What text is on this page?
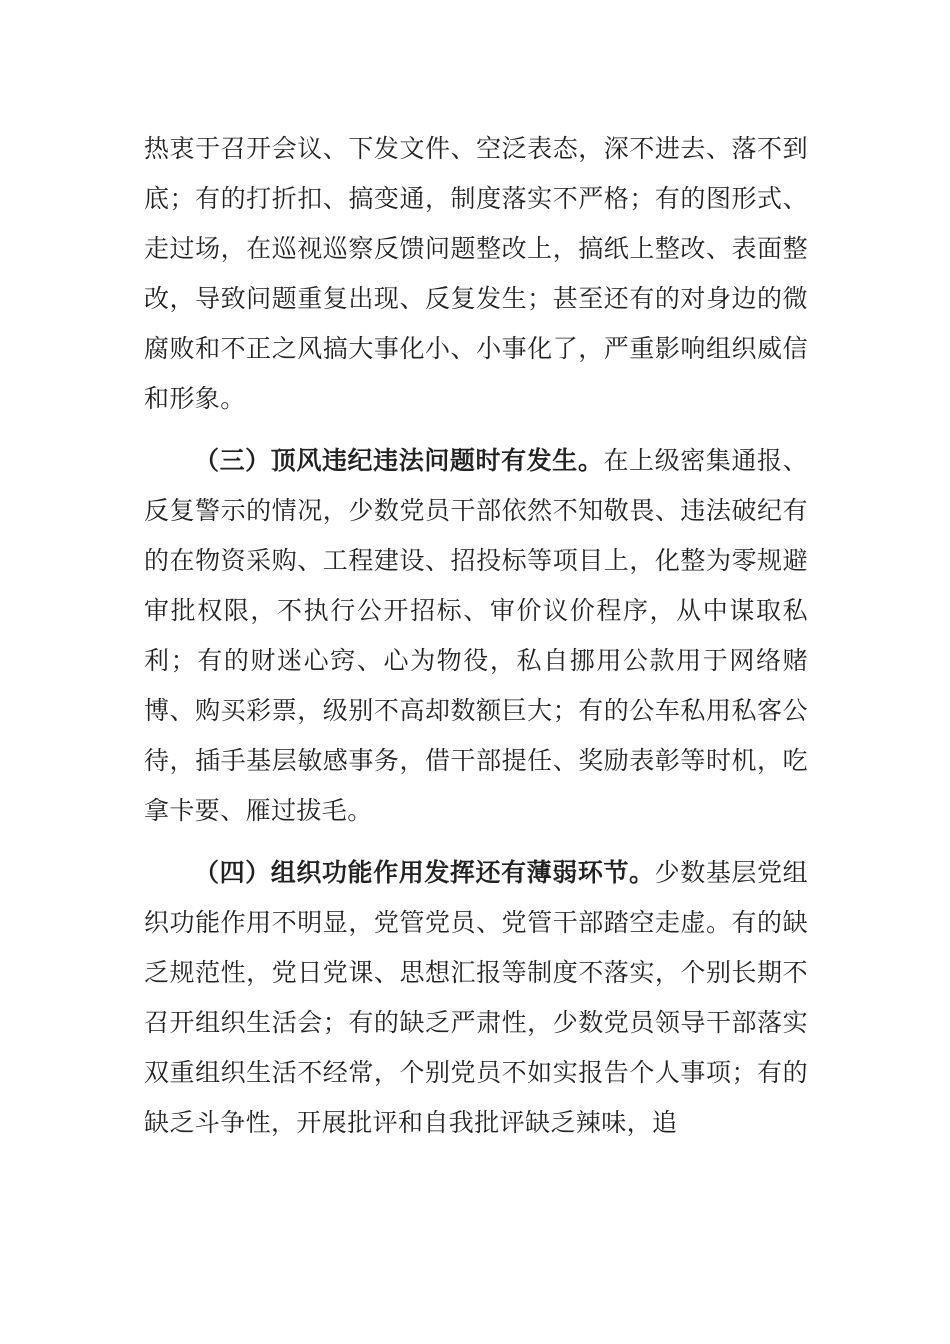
热衷于召开会议、下发文件、空泛表态，深不进去、落不到底；有的打折扣、搞变通，制度落实不严格；有的图形式、走过场，在巡视巡察反馈问题整改上，搞纸上整改、表面整改，导致问题重复出现、反复发生；甚至还有的对身边的微腐败和不正之风搞大事化小、小事化了，严重影响组织威信和形象。

（三）顶风违纪违法问题时有发生。在上级密集通报、反复警示的情况，少数党员干部依然不知敬畏、违法破纪有的在物资采购、工程建设、招投标等项目上，化整为零规避审批权限，不执行公开招标、审价议价程序，从中谋取私利；有的财迷心窍、心为物役，私自挪用公款用于网络赌博、购买彩票，级别不高却数额巨大；有的公车私用私客公待，插手基层敏感事务，借干部提任、奖励表彰等时机，吃拿卡要、雁过拔毛。

（四）组织功能作用发挥还有薄弱环节。少数基层党组织功能作用不明显，党管党员、党管干部踏空走虚。有的缺乏规范性，党日党课、思想汇报等制度不落实，个别长期不召开组织生活会；有的缺乏严肃性，少数党员领导干部落实双重组织生活不经常，个别党员不如实报告个人事项；有的缺乏斗争性，开展批评和自我批评缺乏辣味，追
